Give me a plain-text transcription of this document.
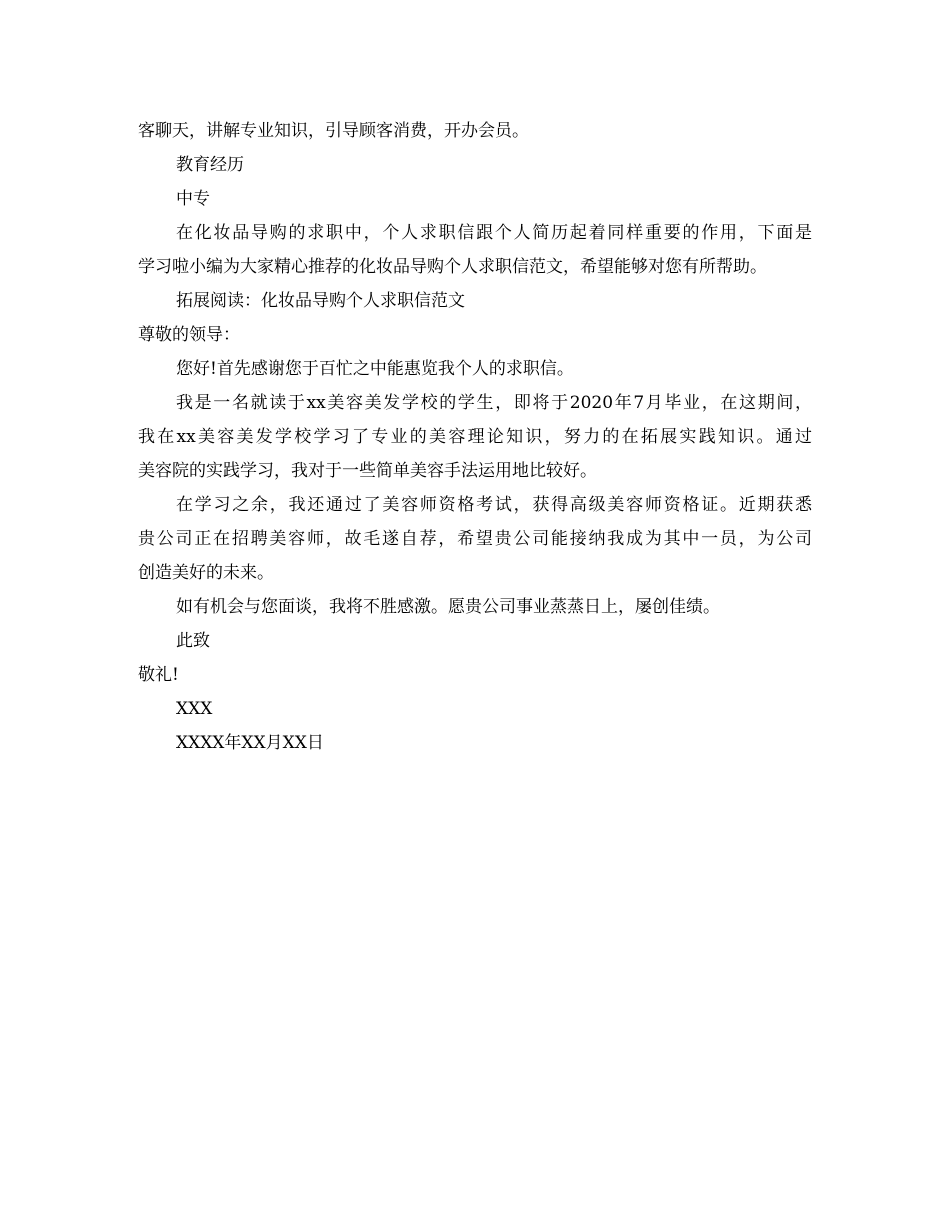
客聊天，讲解专业知识，引导顾客消费，开办会员。
教育经历
中专
在化妆品导购的求职中，个人求职信跟个人简历起着同样重要的作用，下面是
学习啦小编为大家精心推荐的化妆品导购个人求职信范文，希望能够对您有所帮助。
拓展阅读：化妆品导购个人求职信范文
尊敬的领导：
您好!首先感谢您于百忙之中能惠览我个人的求职信。
我是一名就读于xx美容美发学校的学生，即将于2020年7月毕业，在这期间，
我在xx美容美发学校学习了专业的美容理论知识，努力的在拓展实践知识。通过
美容院的实践学习，我对于一些简单美容手法运用地比较好。
在学习之余，我还通过了美容师资格考试，获得高级美容师资格证。近期获悉
贵公司正在招聘美容师，故毛遂自荐，希望贵公司能接纳我成为其中一员，为公司
创造美好的未来。
如有机会与您面谈，我将不胜感激。愿贵公司事业蒸蒸日上，屡创佳绩。
此致
敬礼!
XXX
XXXX年XX月XX日
